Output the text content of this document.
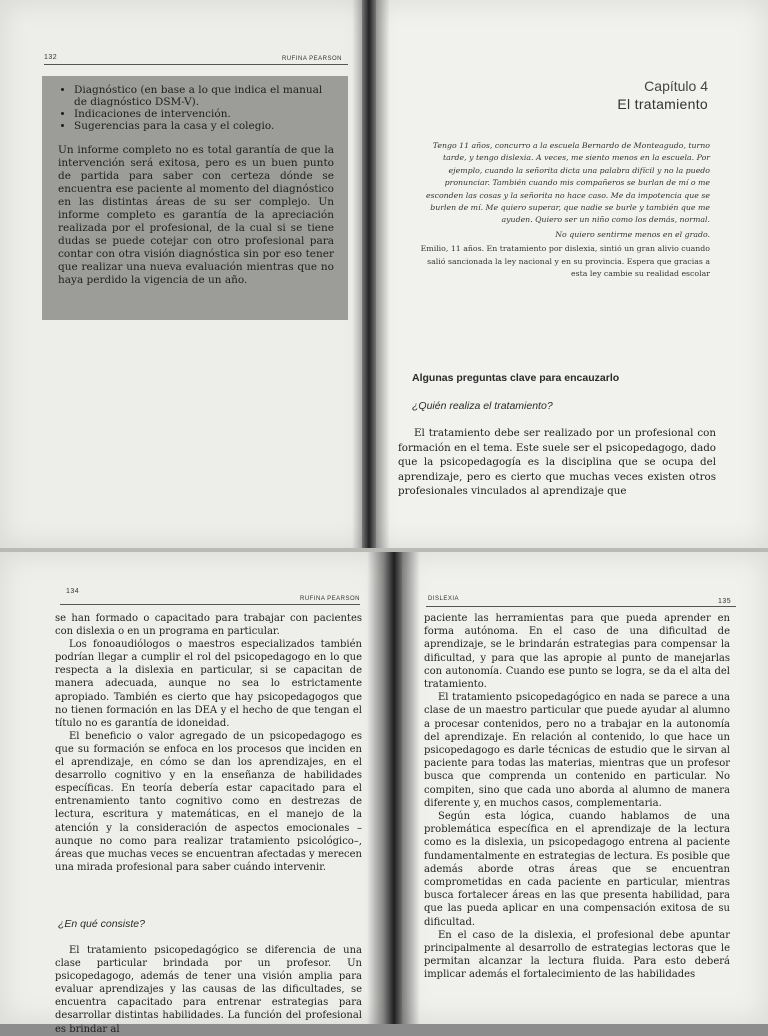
132	RUFINA PEARSON
• Diagnóstico (en base a lo que indica el manual de diagnóstico DSM-V).
• Indicaciones de intervención.
• Sugerencias para la casa y el colegio.

Un informe completo no es total garantía de que la intervención será exitosa, pero es un buen punto de partida para saber con certeza dónde se encuentra ese paciente al momento del diagnóstico en las distintas áreas de su ser complejo. Un informe completo es garantía de la apreciación realizada por el profesional, de la cual si se tiene dudas se puede cotejar con otro profesional para contar con otra visión diagnóstica sin por eso tener que realizar una nueva evaluación mientras que no haya perdido la vigencia de un año.

Capítulo 4
El tratamiento

Tengo 11 años, concurro a la escuela Bernardo de Monteagudo, turno tarde, y tengo dislexia. A veces, me siento menos en la escuela. Por ejemplo, cuando la señorita dicta una palabra difícil y no la puedo pronunciar. También cuando mis compañeros se burlan de mí o me esconden las cosas y la señorita no hace caso. Me da impotencia que se burlen de mí. Me quiero superar, que nadie se burle y también que me ayuden. Quiero ser un niño como los demás, normal.

No quiero sentirme menos en el grado.

Emilio, 11 años. En tratamiento por dislexia, sintió un gran alivio cuando salió sancionada la ley nacional y en su provincia. Espera que gracias a esta ley cambie su realidad escolar

Algunas preguntas clave para encauzarlo
¿Quién realiza el tratamiento?

El tratamiento debe ser realizado por un profesional con formación en el tema. Este suele ser el psicopedagogo, dado que la psicopedagogía es la disciplina que se ocupa del aprendizaje, pero es cierto que muchas veces existen otros profesionales vinculados al aprendizaje que

134
RUFINA PEARSON

se han formado o capacitado para trabajar con pacientes con dislexia o en un programa en particular.

Los fonoaudiólogos o maestros especializados también podrían llegar a cumplir el rol del psicopedagogo en lo que respecta a la dislexia en particular, si se capacitan de manera adecuada, aunque no sea lo estrictamente apropiado. También es cierto que hay psicopedagogos que no tienen formación en las DEA y el hecho de que tengan el título no es garantía de idoneidad.

El beneficio o valor agregado de un psicopedagogo es que su formación se enfoca en los procesos que inciden en el aprendizaje, en cómo se dan los aprendizajes, en el desarrollo cognitivo y en la enseñanza de habilidades específicas. En teoría debería estar capacitado para el entrenamiento tanto cognitivo como en destrezas de lectura, escritura y matemáticas, en el manejo de la atención y la consideración de aspectos emocionales –aunque no como para realizar tratamiento psicológico–, áreas que muchas veces se encuentran afectadas y merecen una mirada profesional para saber cuándo intervenir.

¿En qué consiste?

El tratamiento psicopedagógico se diferencia de una clase particular brindada por un profesor. Un psicopedagogo, además de tener una visión amplia para evaluar aprendizajes y las causas de las dificultades, se encuentra capacitado para entrenar estrategias para desarrollar distintas habilidades. La función del profesional es brindar al

DISLEXIA	135

paciente las herramientas para que pueda aprender en forma autónoma. En el caso de una dificultad de aprendizaje, se le brindarán estrategias para compensar la dificultad, y para que las apropie al punto de manejarlas con autonomía. Cuando ese punto se logra, se da el alta del tratamiento.

El tratamiento psicopedagógico en nada se parece a una clase de un maestro particular que puede ayudar al alumno a procesar contenidos, pero no a trabajar en la autonomía del aprendizaje. En relación al contenido, lo que hace un psicopedagogo es darle técnicas de estudio que le sirvan al paciente para todas las materias, mientras que un profesor busca que comprenda un contenido en particular. No compiten, sino que cada uno aborda al alumno de manera diferente y, en muchos casos, complementaria.

Según esta lógica, cuando hablamos de una problemática específica en el aprendizaje de la lectura como es la dislexia, un psicopedagogo entrena al paciente fundamentalmente en estrategias de lectura. Es posible que además aborde otras áreas que se encuentran comprometidas en cada paciente en particular, mientras busca fortalecer áreas en las que presenta habilidad, para que las pueda aplicar en una compensación exitosa de su dificultad.

En el caso de la dislexia, el profesional debe apuntar principalmente al desarrollo de estrategias lectoras que le permitan alcanzar la lectura fluida. Para esto deberá implicar además el fortalecimiento de las habilidades
